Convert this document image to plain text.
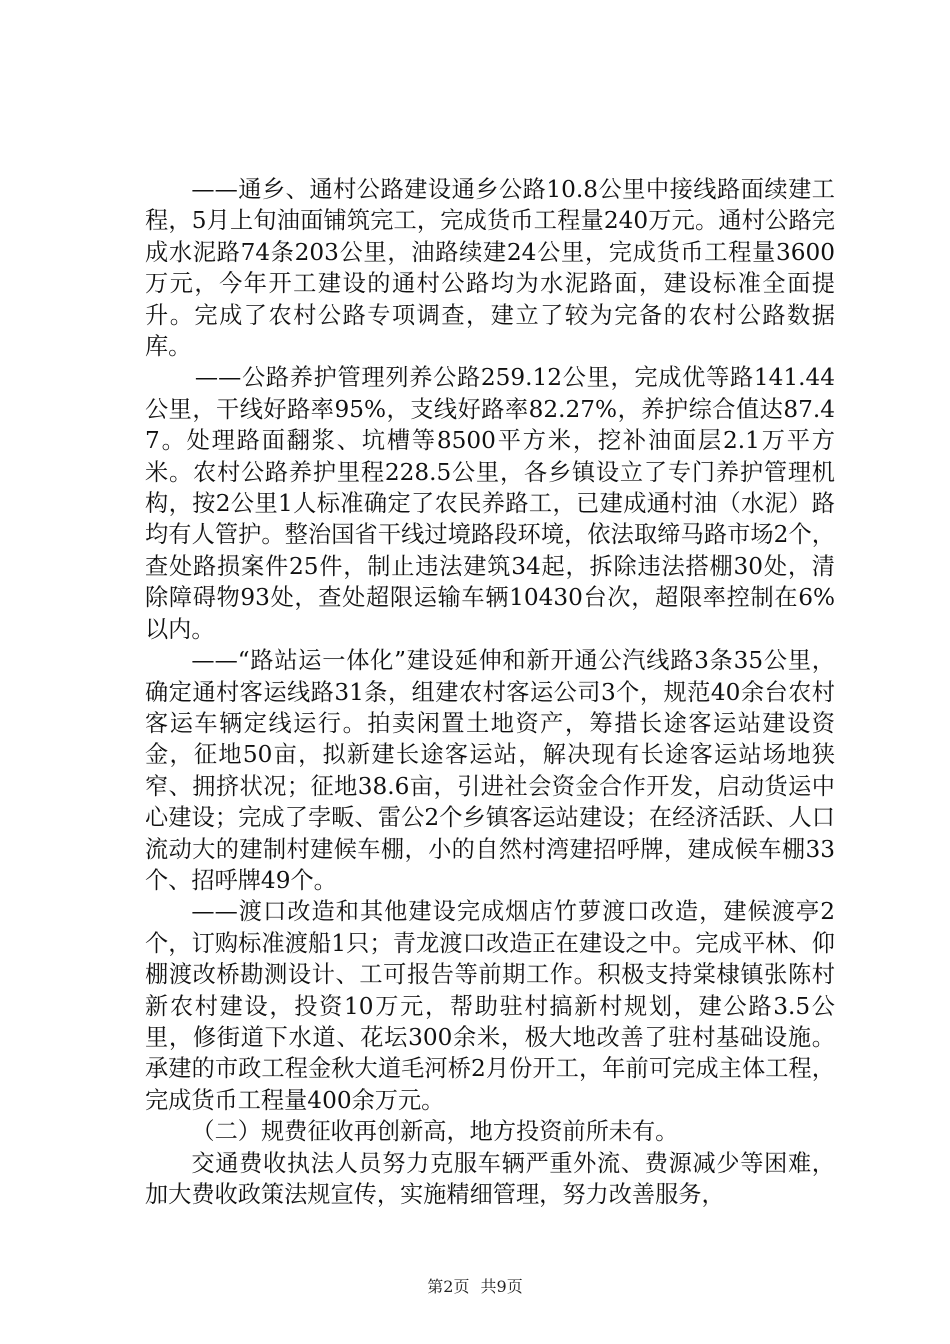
——通乡、通村公路建设通乡公路10.8公里中接线路面续建工程，5月上旬油面铺筑完工，完成货币工程量240万元。通村公路完成水泥路74条203公里，油路续建24公里，完成货币工程量3600万元，今年开工建设的通村公路均为水泥路面，建设标准全面提升。完成了农村公路专项调查，建立了较为完备的农村公路数据库。

——公路养护管理列养公路259.12公里，完成优等路141.44公里，干线好路率95%，支线好路率82.27%，养护综合值达87.47。处理路面翻浆、坑槽等8500平方米，挖补油面层2.1万平方米。农村公路养护里程228.5公里，各乡镇设立了专门养护管理机构，按2公里1人标准确定了农民养路工，已建成通村油（水泥）路均有人管护。整治国省干线过境路段环境，依法取缔马路市场2个，查处路损案件25件，制止违法建筑34起，拆除违法搭棚30处，清除障碍物93处，查处超限运输车辆10430台次，超限率控制在6%以内。

——“路站运一体化”建设延伸和新开通公汽线路3条35公里，确定通村客运线路31条，组建农村客运公司3个，规范40余台农村客运车辆定线运行。拍卖闲置土地资产，筹措长途客运站建设资金，征地50亩，拟新建长途客运站，解决现有长途客运站场地狭窄、拥挤状况；征地38.6亩，引进社会资金合作开发，启动货运中心建设；完成了孛畈、雷公2个乡镇客运站建设；在经济活跃、人口流动大的建制村建候车棚，小的自然村湾建招呼牌，建成候车棚33个、招呼牌49个。

——渡口改造和其他建设完成烟店竹萝渡口改造，建候渡亭2个，订购标准渡船1只；青龙渡口改造正在建设之中。完成平林、仰棚渡改桥勘测设计、工可报告等前期工作。积极支持棠棣镇张陈村新农村建设，投资10万元，帮助驻村搞新村规划，建公路3.5公里，修街道下水道、花坛300余米，极大地改善了驻村基础设施。承建的市政工程金秋大道毛河桥2月份开工，年前可完成主体工程，完成货币工程量400余万元。

（二）规费征收再创新高，地方投资前所未有。

交通费收执法人员努力克服车辆严重外流、费源减少等困难，加大费收政策法规宣传，实施精细管理，努力改善服务，

第2页 共9页
